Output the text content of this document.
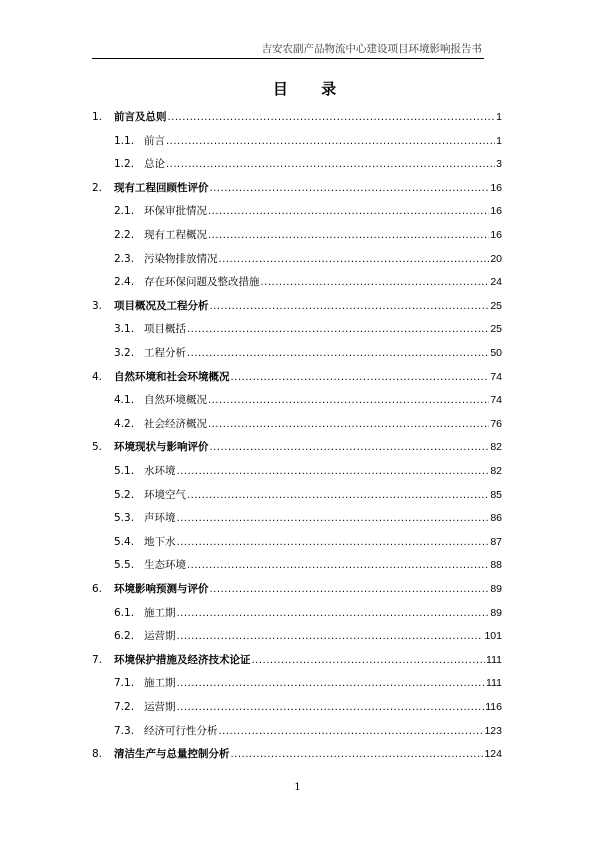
吉安农副产品物流中心建设项目环境影响报告书
目 录
1.	前言及总则 .....	1
1.1. 前言 .....	1
1.2. 总论 .....	3
2.	现有工程回顾性评价 .....	16
2.1. 环保审批情况 .....	16
2.2. 现有工程概况 .....	16
2.3. 污染物排放情况 .....	20
2.4. 存在环保问题及整改措施 .....	24
3.	项目概况及工程分析 .....	25
3.1. 项目概括 .....	25
3.2. 工程分析 .....	50
4.	自然环境和社会环境概况 .....	74
4.1. 自然环境概况 .....	74
4.2. 社会经济概况 .....	76
5.	环境现状与影响评价 .....	82
5.1. 水环境 .....	82
5.2. 环境空气 .....	85
5.3. 声环境 .....	86
5.4. 地下水 .....	87
5.5. 生态环境 .....	88
6.	环境影响预测与评价 .....	89
6.1. 施工期 .....	89
6.2. 运营期 .....	101
7.	环境保护措施及经济技术论证 .....	111
7.1. 施工期 .....	111
7.2. 运营期 .....	116
7.3. 经济可行性分析 .....	123
8.	清洁生产与总量控制分析 .....	124
1
